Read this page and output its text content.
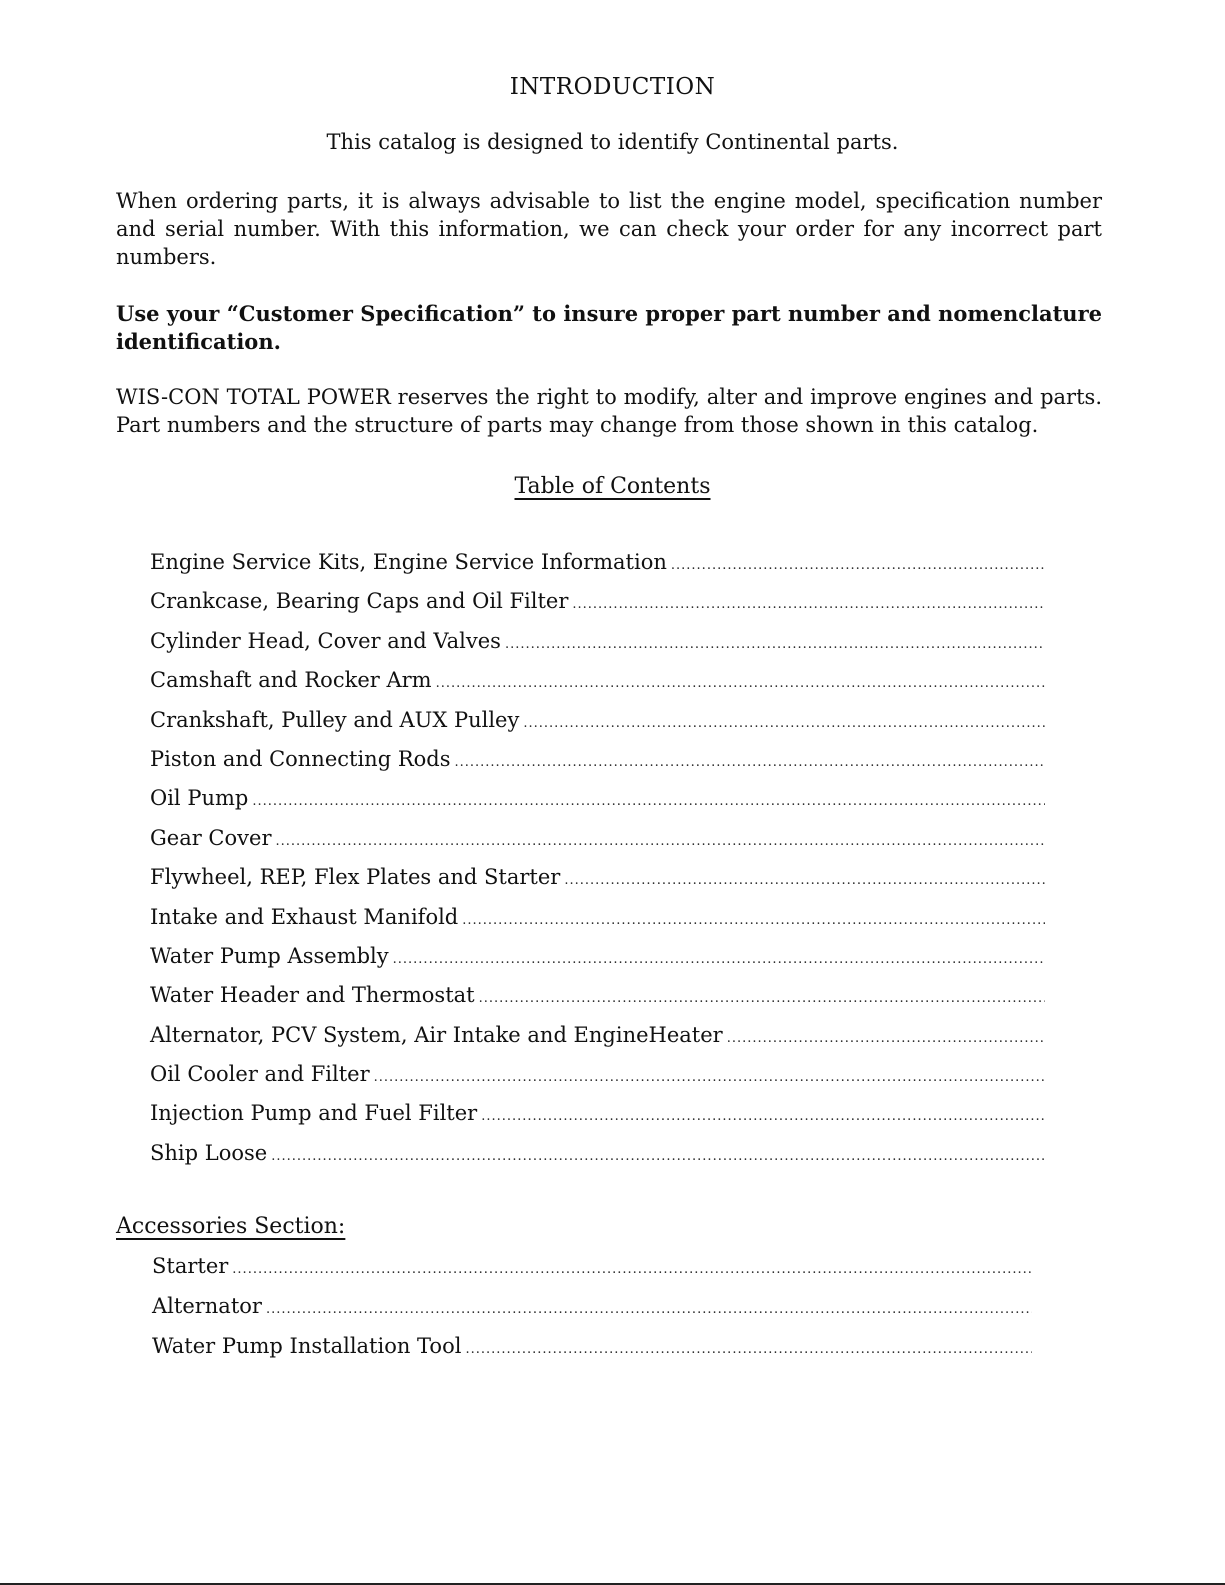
INTRODUCTION
This catalog is designed to identify Continental parts.
When ordering parts, it is always advisable to list the engine model, specification number and serial number. With this information, we can check your order for any incorrect part numbers.
Use your “Customer Specification” to insure proper part number and nomenclature identification.
WIS-CON TOTAL POWER reserves the right to modify, alter and improve engines and parts. Part numbers and the structure of parts may change from those shown in this catalog.
Table of Contents
Engine Service Kits, Engine Service Information
.....
Crankcase, Bearing Caps and Oil Filter
.....
Cylinder Head, Cover and Valves
.....
Camshaft and Rocker Arm
.....
Crankshaft, Pulley and AUX Pulley
.....
Piston and Connecting Rods
.....
Oil Pump
.....
Gear Cover
.....
Flywheel, REP, Flex Plates and Starter
.....
Intake and Exhaust Manifold
.....
Water Pump Assembly
.....
Water Header and Thermostat
.....
Alternator, PCV System, Air Intake and EngineHeater
.....
Oil Cooler and Filter
.....
Injection Pump and Fuel Filter
.....
Ship Loose
.....
Accessories Section:
Starter
.....
Alternator
.....
Water Pump Installation Tool
.....
